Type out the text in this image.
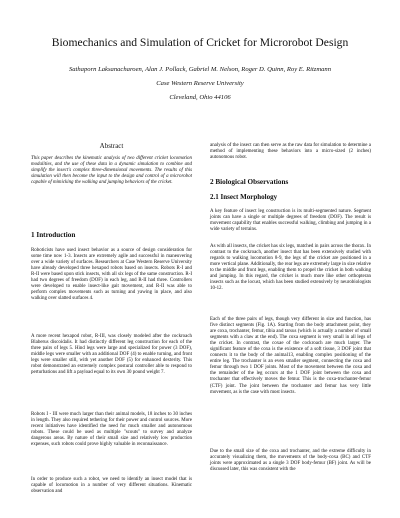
Biomechanics and Simulation of Cricket for Microrobot Design
Sathaporn Laksanacharoen, Alan J. Pollack, Gabriel M. Nelson, Roger D. Quinn, Roy E. Ritzmann
Case Western Reserve University
Cleveland, Ohio 44106
Abstract
This paper describes the kinematic analysis of two different cricket locomotion modalities, and the use of these data in a dynamic simulation to combine and simplify the insect's complex three-dimensional movements. The results of this simulation will then become the input to the design and control of a microrobot capable of mimicking the walking and jumping behaviors of the cricket.
1 Introduction
Roboticists have used insect behavior as a source of design consideration for some time now 1-3. Insects are extremely agile and successful in maneuvering over a wide variety of surfaces. Researchers at Case Western Reserve University have already developed three hexapod robots based on insects. Robots R-I and R-II were based upon stick insects, with all six legs of the same construction. R-I had two degrees of freedom (DOF) in each leg, and R-II had three. Controllers were developed to enable insect-like gait movement, and R-II was able to perform complex movements such as turning and yawing in place, and also walking over slatted surfaces 4.
A more recent hexapod robot, R-III, was closely modeled after the cockroach Blaberus discoidalis. It had distinctly different leg construction for each of the three pairs of legs 5. Hind legs were large and specialized for power (3 DOF), middle legs were smaller with an additional DOF (4) to enable turning, and front legs were smaller still, with yet another DOF (5) for enhanced dexterity. This robot demonstrated an extremely complex postural controller able to respond to perturbations and lift a payload equal to its own 30 pound weight 7.
Robots I - III were much larger than their animal models, 18 inches to 30 inches in length. They also required tethering for their power and control sources. More recent initiatives have identified the need for much smaller and autonomous robots. These could be used as multiple "scouts" to survey and analyze dangerous areas. By nature of their small size and relatively low production expenses, such robots could prove highly valuable in reconnaissance.
In order to produce such a robot, we need to identify an insect model that is capable of locomotion in a number of very different situations. Kinematic observation and
analysis of the insect can then serve as the raw data for simulation to determine a method of implementing these behaviors into a micro-sized (2 inches) autonomous robot.
2 Biological Observations
2.1 Insect Morphology
A key feature of insect leg construction is its multi-segmented nature. Segment joints can have a single or multiple degrees of freedom (DOF). The result is movement capability that enables successful walking, climbing and jumping in a wide variety of terrains.
As with all insects, the cricket has six legs, matched in pairs across the thorax. In contrast to the cockroach, another insect that has been extensively studied with regards to walking locomotion 8-9, the legs of the cricket are positioned in a more vertical plane. Additionally, the rear legs are extremely large in size relative to the middle and front legs, enabling them to propel the cricket in both walking and jumping. In this regard, the cricket is much more like other orthopteran insects such as the locust, which has been studied extensively by neurobiologists 10-12.
Each of the three pairs of legs, though very different in size and function, has five distinct segments (Fig. 1A). Starting from the body attachment point, they are coxa, trochanter, femur, tibia and tarsus (which is actually a number of small segments with a claw at the end). The coxa segment is very small in all legs of the cricket. In contrast, the coxae of the cockroach are much larger. The significant feature of the coxa is the existence of a soft tissue, 3 DOF joint that connects it to the body of the animal13, enabling complex positioning of the entire leg. The trochanter is an even smaller segment, connecting the coxa and femur through two 1 DOF joints. Most of the movement between the coxa and the remainder of the leg occurs at the 1 DOF joint between the coxa and trochanter that effectively moves the femur. This is the coxa-trochanter-femur (CTF) joint. The joint between the trochanter and femur has very little movement, as is the case with most insects.
Due to the small size of the coxa and trochanter, and the extreme difficulty in accurately visualizing them, the movements of the body-coxa (BC) and CTF joints were approximated as a single 3 DOF body-femur (BF) joint. As will be discussed later, this was consistent with the
